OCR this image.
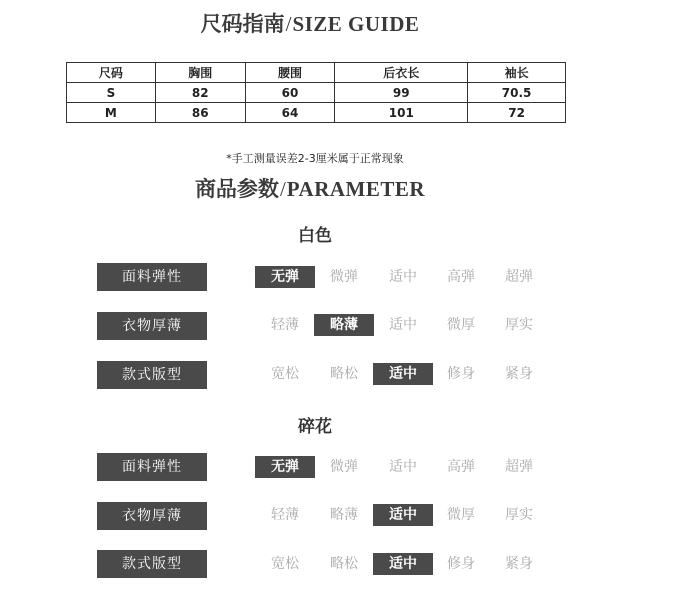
尺码指南/SIZE GUIDE
尺码	胸围	腰围	后衣长	袖长
S	82	60	99	70.5
M	86	64	101	72
*手工测量误差2-3厘米属于正常现象
商品参数/PARAMETER
白色
面料弹性	无弹	微弹	适中	高弹	超弹
衣物厚薄	轻薄	略薄	适中	微厚	厚实
款式版型	宽松	略松	适中	修身	紧身
碎花
面料弹性	无弹	微弹	适中	高弹	超弹
衣物厚薄	轻薄	略薄	适中	微厚	厚实
款式版型	宽松	略松	适中	修身	紧身
